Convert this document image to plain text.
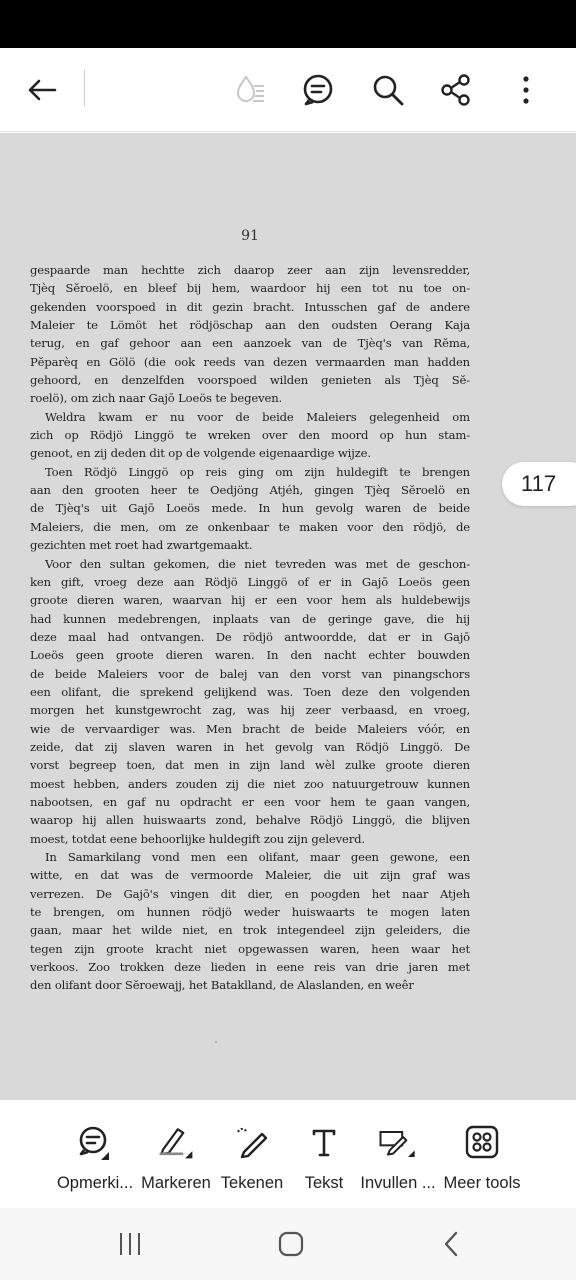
91
gespaarde man hechtte zich daarop zeer aan zijn levensredder,
Tjèq Sĕroelö, en bleef bij hem, waardoor hij een tot nu toe on-
gekenden voorspoed in dit gezin bracht. Intusschen gaf de andere
Maleier te Lömöt het rödjöschap aan den oudsten Oerang Kaja
terug, en gaf gehoor aan een aanzoek van de Tjèq's van Rĕma,
Pĕparèq en Gölö (die ook reeds van dezen vermaarden man hadden
gehoord, en denzelfden voorspoed wilden genieten als Tjèq Sĕ-
roelö), om zich naar Gajō Loeös te begeven.
Weldra kwam er nu voor de beide Maleiers gelegenheid om
zich op Rödjö Linggö te wreken over den moord op hun stam-
genoot, en zij deden dit op de volgende eigenaardige wijze.
Toen Rödjö Linggö op reis ging om zijn huldegift te brengen
aan den grooten heer te Oedjöng Atjéh, gingen Tjèq Sĕroelö en
de Tjèq's uit Gajō Loeös mede. In hun gevolg waren de beide
Maleiers, die men, om ze onkenbaar te maken voor den rödjö, de
gezichten met roet had zwartgemaakt.
Voor den sultan gekomen, die niet tevreden was met de geschon-
ken gift, vroeg deze aan Rödjö Linggö of er in Gajō Loeös geen
groote dieren waren, waarvan hij er een voor hem als huldebewijs
had kunnen medebrengen, inplaats van de geringe gave, die hij
deze maal had ontvangen. De rödjö antwoordde, dat er in Gajō
Loeös geen groote dieren waren. In den nacht echter bouwden
de beide Maleiers voor de balej van den vorst van pinangschors
een olifant, die sprekend gelijkend was. Toen deze den volgenden
morgen het kunstgewrocht zag, was hij zeer verbaasd, en vroeg,
wie de vervaardiger was. Men bracht de beide Maleiers vóór, en
zeide, dat zij slaven waren in het gevolg van Rödjö Linggö. De
vorst begreep toen, dat men in zijn land wèl zulke groote dieren
moest hebben, anders zouden zij die niet zoo natuurgetrouw kunnen
nabootsen, en gaf nu opdracht er een voor hem te gaan vangen,
waarop hij allen huiswaarts zond, behalve Rödjö Linggö, die blijven
moest, totdat eene behoorlijke huldegift zou zijn geleverd.
In Samarkilang vond men een olifant, maar geen gewone, een
witte, en dat was de vermoorde Maleier, die uit zijn graf was
verrezen. De Gajō's vingen dit dier, en poogden het naar Atjeh
te brengen, om hunnen rödjö weder huiswaarts te mogen laten
gaan, maar het wilde niet, en trok integendeel zijn geleiders, die
tegen zijn groote kracht niet opgewassen waren, heen waar het
verkoos. Zoo trokken deze lieden in eene reis van drie jaren met
den olifant door Sĕroewajj, het Bataklland, de Alaslanden, en weêr
117
Opmerki... Markeren Tekenen	Tekst	Invullen ... Meer tools
